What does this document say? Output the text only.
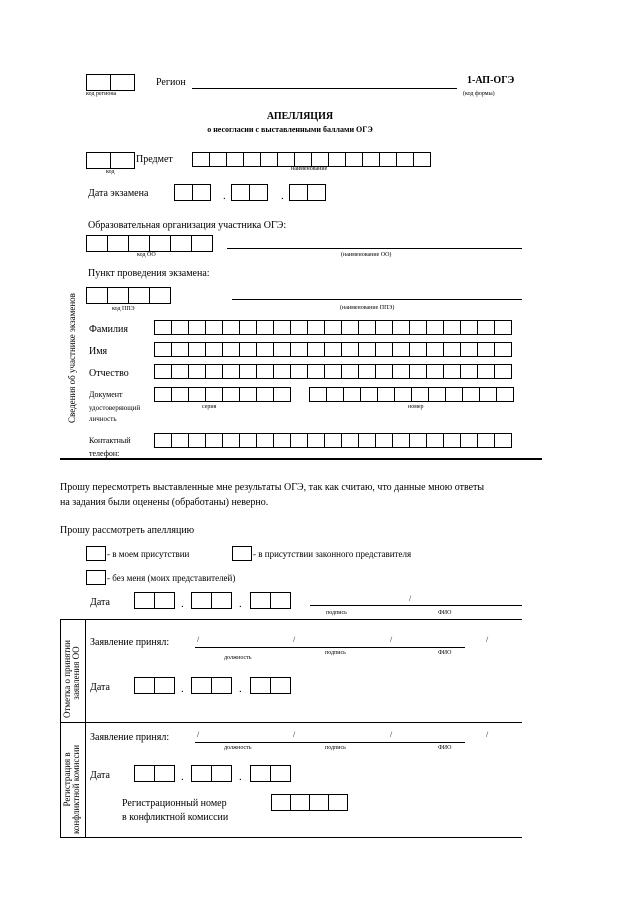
код региона
Регион	1-АП-ОГЭ
(код формы)
АПЕЛЛЯЦИЯ
о несогласии с выставленными баллами ОГЭ
Предмет
код	наименование
Дата экзамена	.	.
Образовательная организация участника ОГЭ:
код ОО	(наименование ОО)
Пункт проведения экзамена:
код ППЭ	(наименование ППЭ)
Сведения об участнике экзаменов Фамилия
Имя
Отчество
Документ
удостоверяющий
личность
серия	номер
Контактный
телефон:
Прошу пересмотреть выставленные мне результаты ОГЭ, так как считаю, что данные мною ответы
на задания были оценены (обработаны) неверно.
Прошу рассмотреть апелляцию
- в моем присутствии	- в присутствии законного представителя
- без меня (моих представителей)
Дата	.	.	/
подпись	ФИО
Отметка о принятии заявления ОО
Заявление принял:	/	/	/	/
должность
подпись	ФИО
Дата	.	.
Регистрация в конфликтной комиссии
Заявление принял:	/	/	/	/
должность	подпись	ФИО
Дата	.	.
Регистрационный номер
в конфликтной комиссии
